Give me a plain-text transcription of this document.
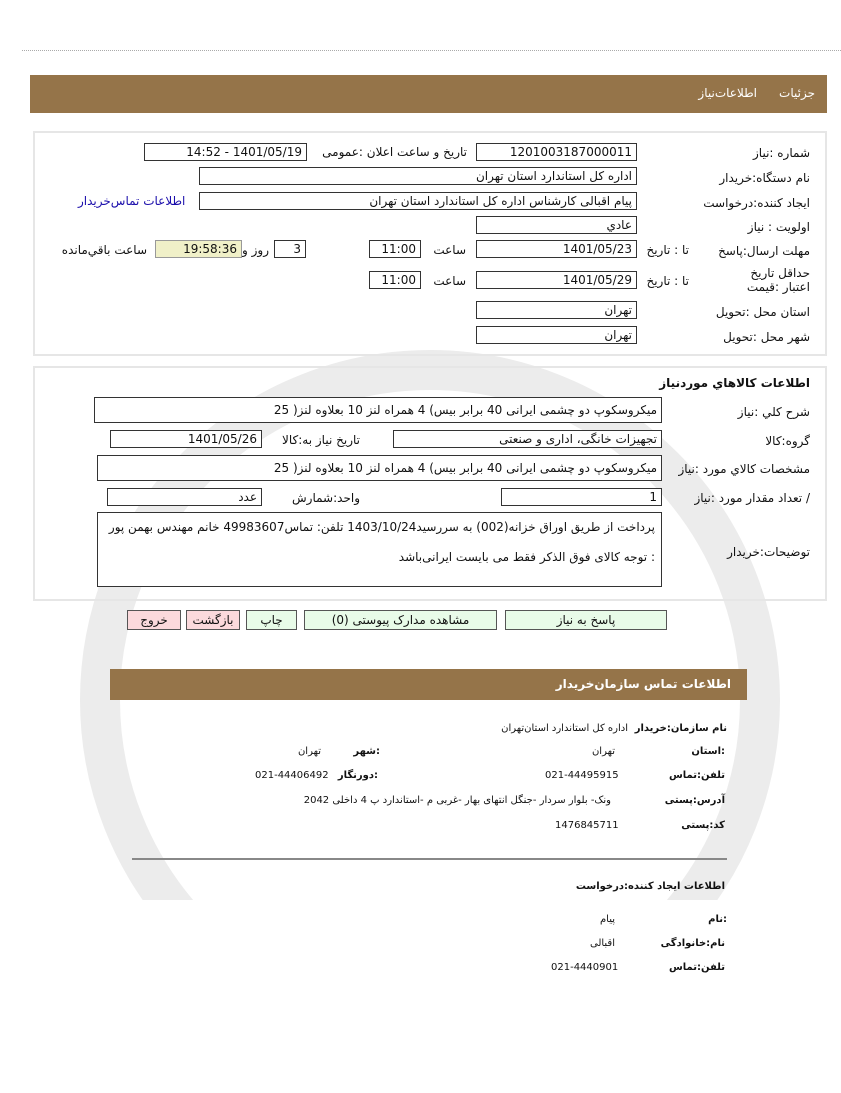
جزئیات
اطلاعات‌نیاز
شماره :نیاز
1201003187000011
تاریخ و ساعت اعلان :عمومی
1401/05/19 - 14:52
نام دستگاه:خریدار
اداره کل استاندارد استان تهران
ایجاد کننده:درخواست
پیام اقبالی کارشناس اداره کل استاندارد استان تهران
اطلاعات تماس‌خریدار
اولویت : نیاز
عادي
مهلت ارسال:پاسخ
تا : تاریخ
1401/05/23
ساعت
11:00
3
روز و
19:58:36
ساعت باقي‌مانده
حداقل تاریخ اعتبار :قیمت
تا : تاریخ
1401/05/29
ساعت
11:00
استان محل :تحویل
تهران
شهر محل :تحویل
تهران
اطلاعات کالاهاي موردنیاز
شرح کلي :نیاز
میکروسکوپ دو چشمی ایرانی 40 برابر بیس) 4 همراه لنز 10 بعلاوه لنز( 25
گروه:کالا
تجهیزات خانگی، اداری و صنعتی
تاریخ نیاز به:کالا
1401/05/26
مشخصات کالاي مورد :نیاز
میکروسکوپ دو چشمی ایرانی 40 برابر بیس) 4 همراه لنز 10 بعلاوه لنز( 25
/ تعداد مقدار مورد :نیاز
1
واحد:شمارش
عدد
توضیحات:خریدار
پرداخت از طریق اوراق خزانه(002) به سررسید1403/10/24 تلفن: تماس49983607 خانم مهندس بهمن پور
: توجه کالای فوق الذکر فقط می بایست ایرانی‌باشد
پاسخ به نیاز
مشاهده مدارک پیوستی (0)
چاپ
بازگشت
خروج
اطلاعات تماس سازمان‌خریدار
نام سازمان:خریدار
اداره کل استاندارد استان‌تهران
:استان
تهران
:شهر
تهران
تلفن:تماس
021-44495915
:دورنگار
021-44406492
آدرس:پستی
ونک- بلوار سردار -جنگل انتهای بهار -غربی م -استاندارد پ 4 داخلی 2042
کد:پستی
1476845711
اطلاعات ایجاد کننده:درخواست
:نام
پیام
نام:خانوادگی
اقبالی
تلفن:تماس
021-4440901
